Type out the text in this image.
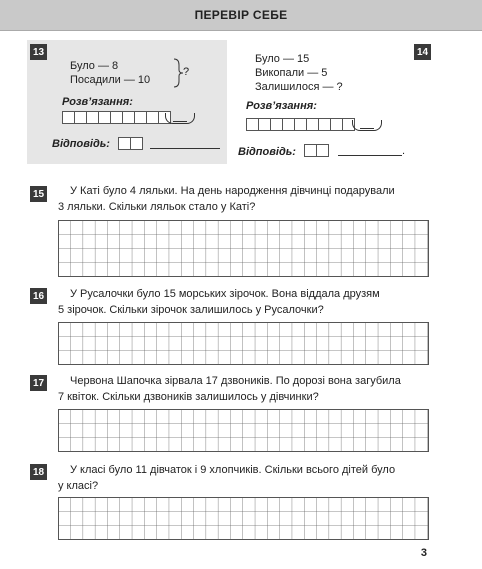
ПЕРЕВІР СЕБЕ
13
Було — 8
Посадили — 10
?
Розв’язання:
Відповідь:
14
Було — 15
Викопали — 5
Залишилося — ?
Розв’язання:
Відповідь:	.
15 У Каті було 4 ляльки. На день народження дівчинці подарували
3 ляльки. Скільки ляльок стало у Каті?
16 У Русалочки було 15 морських зірочок. Вона віддала друзям
5 зірочок. Скільки зірочок залишилось у Русалочки?
17 Червона Шапочка зірвала 17 дзвоників. По дорозі вона загубила
7 квіток. Скільки дзвоників залишилось у дівчинки?
18 У класі було 11 дівчаток і 9 хлопчиків. Скільки всього дітей було
у класі?
3
